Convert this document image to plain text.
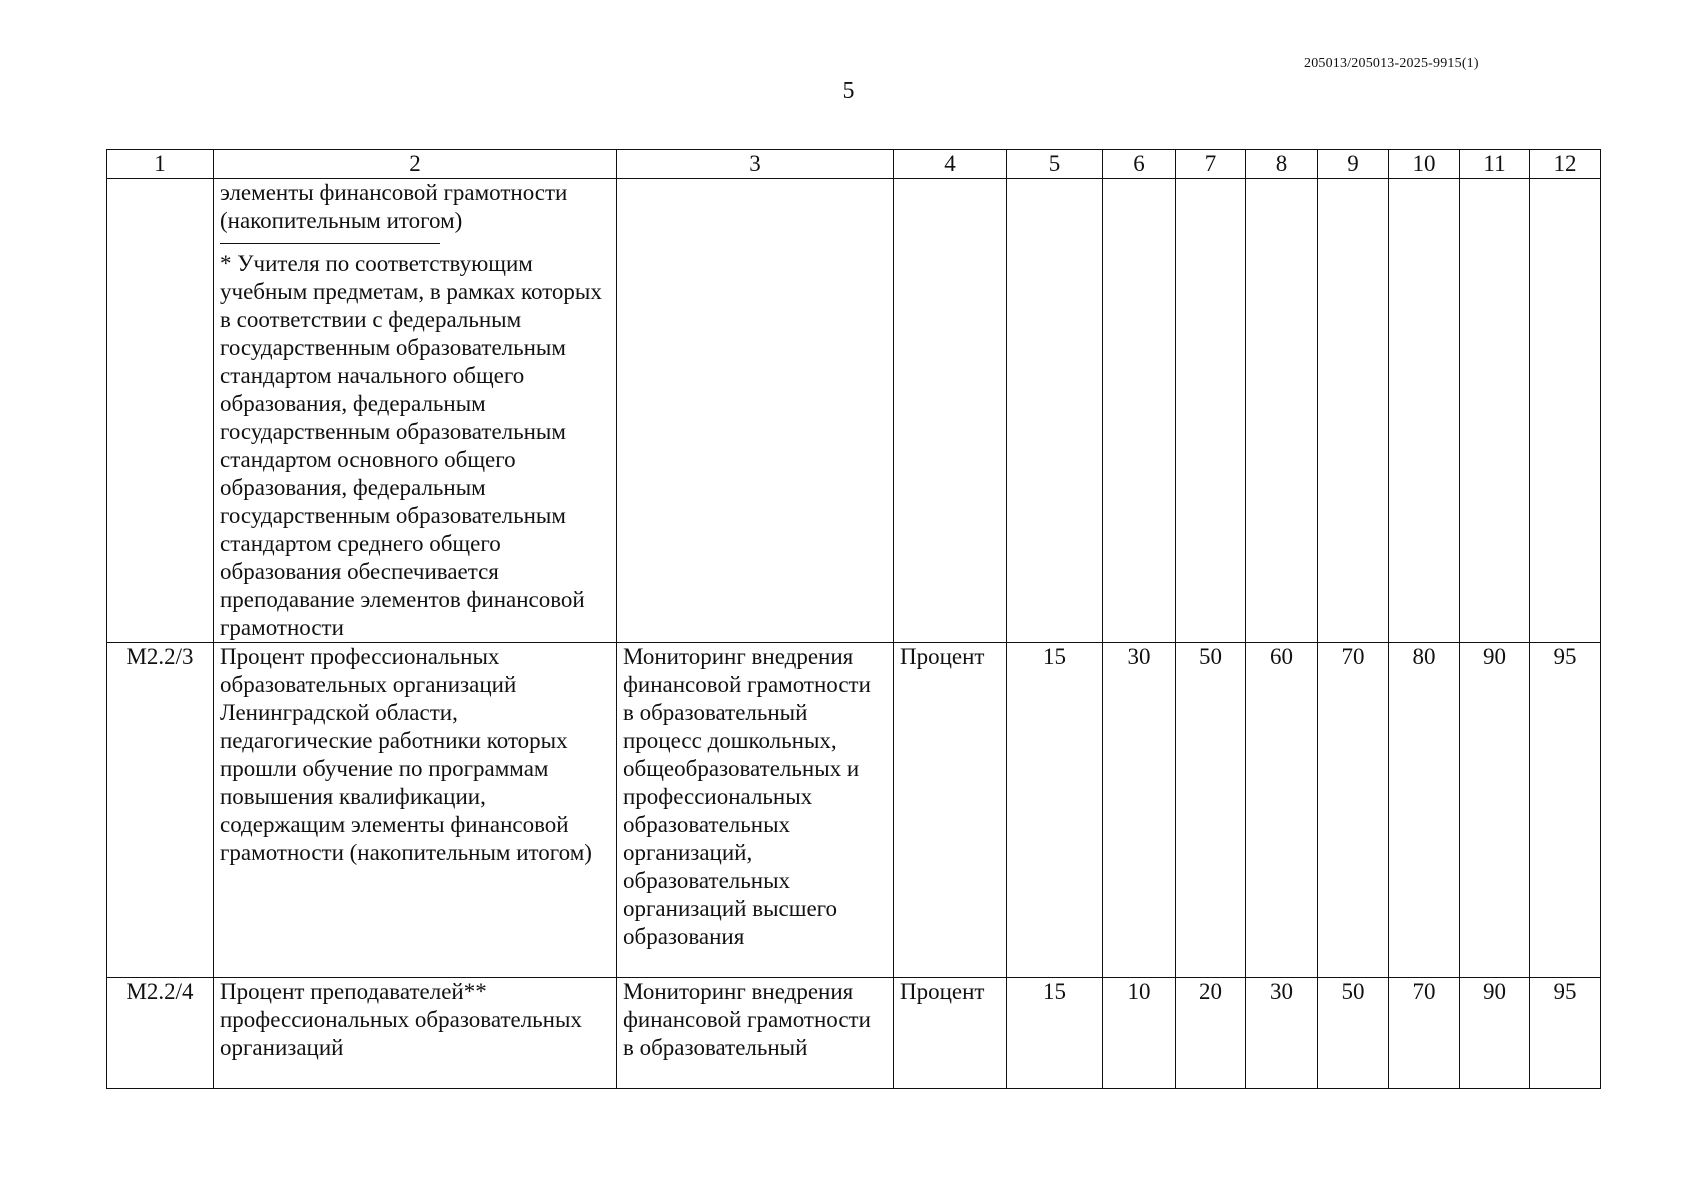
205013/205013-2025-9915(1)
5
1	2	3	4	5	6	7	8	9	10	11	12

	элементы финансовой грамотности (накопительным итогом)
* Учителя по соответствующим учебным предметам, в рамках которых в соответствии с федеральным государственным образовательным стандартом начального общего образования, федеральным государственным образовательным стандартом основного общего образования, федеральным государственным образовательным стандартом среднего общего образования обеспечивается преподавание элементов финансовой грамотности										

М2.2/3	Процент профессиональных образовательных организаций Ленинградской области, педагогические работники которых прошли обучение по программам повышения квалификации, содержащим элементы финансовой грамотности (накопительным итогом)	Мониторинг внедрения финансовой грамотности в образовательный процесс дошкольных, общеобразовательных и профессиональных образовательных организаций, образовательных организаций высшего образования	Процент	15	30	50	60	70	80	90	95
М2.2/4	Процент преподавателей** профессиональных образовательных организаций	Мониторинг внедрения финансовой грамотности в образовательный	Процент	15	10	20	30	50	70	90	95
